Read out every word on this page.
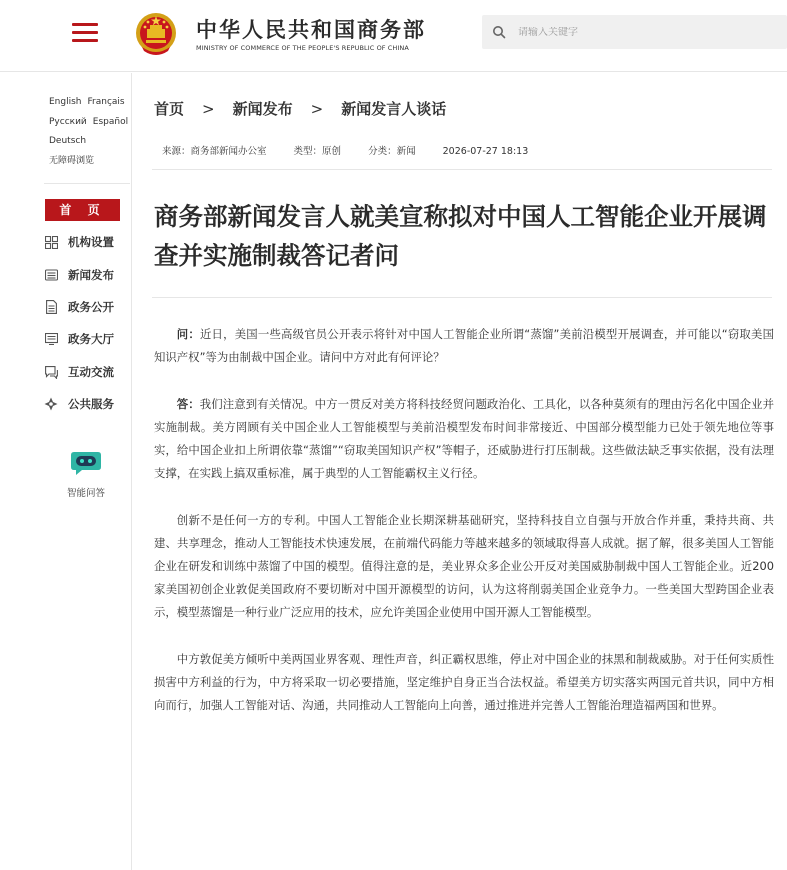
中华人民共和国商务部
MINISTRY OF COMMERCE OF THE PEOPLE'S REPUBLIC OF CHINA
请输入关键字
English Français
Русский Español
Deutsch
无障碍浏览
首 页
机构设置
新闻发布
政务公开
政务大厅
互动交流
公共服务
智能问答
首页 > 新闻发布 > 新闻发言人谈话
来源：商务部新闻办公室	类型：原创	分类：新闻	2026-07-27 18:13
商务部新闻发言人就美宣称拟对中国人工智能企业开展调查并实施制裁答记者问

问：近日，美国一些高级官员公开表示将针对中国人工智能企业所谓“蒸馏”美前沿模型开展调查，并可能以“窃取美国知识产权”等为由制裁中国企业。请问中方对此有何评论？

答：我们注意到有关情况。中方一贯反对美方将科技经贸问题政治化、工具化，以各种莫须有的理由污名化中国企业并实施制裁。美方罔顾有关中国企业人工智能模型与美前沿模型发布时间非常接近、中国部分模型能力已处于领先地位等事实，给中国企业扣上所谓依靠“蒸馏”“窃取美国知识产权”等帽子，还威胁进行打压制裁。这些做法缺乏事实依据，没有法理支撑，在实践上搞双重标准，属于典型的人工智能霸权主义行径。

创新不是任何一方的专利。中国人工智能企业长期深耕基础研究，坚持科技自立自强与开放合作并重，秉持共商、共建、共享理念，推动人工智能技术快速发展，在前端代码能力等越来越多的领域取得喜人成就。据了解，很多美国人工智能企业在研发和训练中蒸馏了中国的模型。值得注意的是，美业界众多企业公开反对美国威胁制裁中国人工智能企业。近200家美国初创企业敦促美国政府不要切断对中国开源模型的访问，认为这将削弱美国企业竞争力。一些美国大型跨国企业表示，模型蒸馏是一种行业广泛应用的技术，应允许美国企业使用中国开源人工智能模型。

中方敦促美方倾听中美两国业界客观、理性声音，纠正霸权思维，停止对中国企业的抹黑和制裁威胁。对于任何实质性损害中方利益的行为，中方将采取一切必要措施，坚定维护自身正当合法权益。希望美方切实落实两国元首共识，同中方相向而行，加强人工智能对话、沟通，共同推动人工智能向上向善，通过推进并完善人工智能治理造福两国和世界。
